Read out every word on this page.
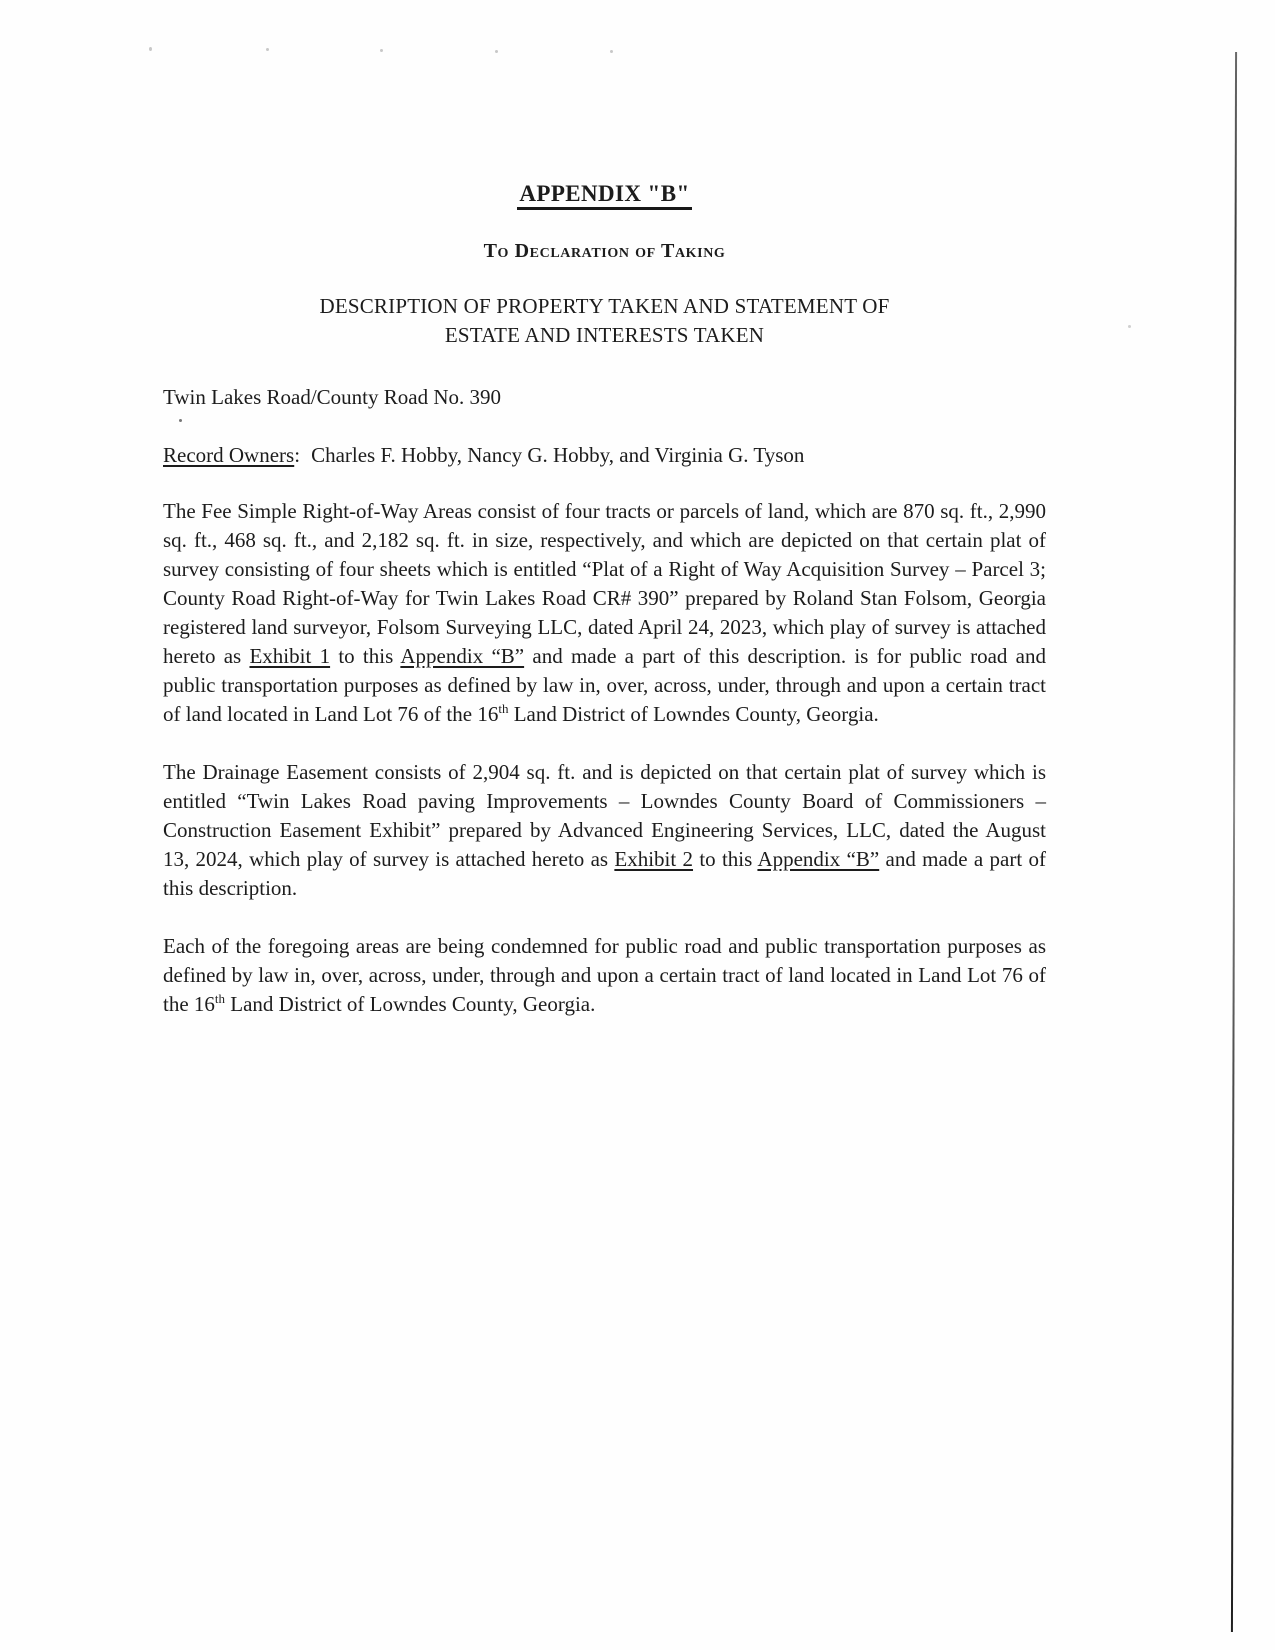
APPENDIX "B"
To Declaration of Taking
DESCRIPTION OF PROPERTY TAKEN AND STATEMENT OF
ESTATE AND INTERESTS TAKEN

Twin Lakes Road/County Road No. 390

Record Owners: Charles F. Hobby, Nancy G. Hobby, and Virginia G. Tyson

The Fee Simple Right-of-Way Areas consist of four tracts or parcels of land, which are 870 sq. ft., 2,990 sq. ft., 468 sq. ft., and 2,182 sq. ft. in size, respectively, and which are depicted on that certain plat of survey consisting of four sheets which is entitled “Plat of a Right of Way Acquisition Survey – Parcel 3; County Road Right-of-Way for Twin Lakes Road CR# 390” prepared by Roland Stan Folsom, Georgia registered land surveyor, Folsom Surveying LLC, dated April 24, 2023, which play of survey is attached hereto as Exhibit 1 to this Appendix “B” and made a part of this description. is for public road and public transportation purposes as defined by law in, over, across, under, through and upon a certain tract of land located in Land Lot 76 of the 16th Land District of Lowndes County, Georgia.

The Drainage Easement consists of 2,904 sq. ft. and is depicted on that certain plat of survey which is entitled “Twin Lakes Road paving Improvements – Lowndes County Board of Commissioners – Construction Easement Exhibit” prepared by Advanced Engineering Services, LLC, dated the August 13, 2024, which play of survey is attached hereto as Exhibit 2 to this Appendix “B” and made a part of this description.

Each of the foregoing areas are being condemned for public road and public transportation purposes as defined by law in, over, across, under, through and upon a certain tract of land located in Land Lot 76 of the 16th Land District of Lowndes County, Georgia.
